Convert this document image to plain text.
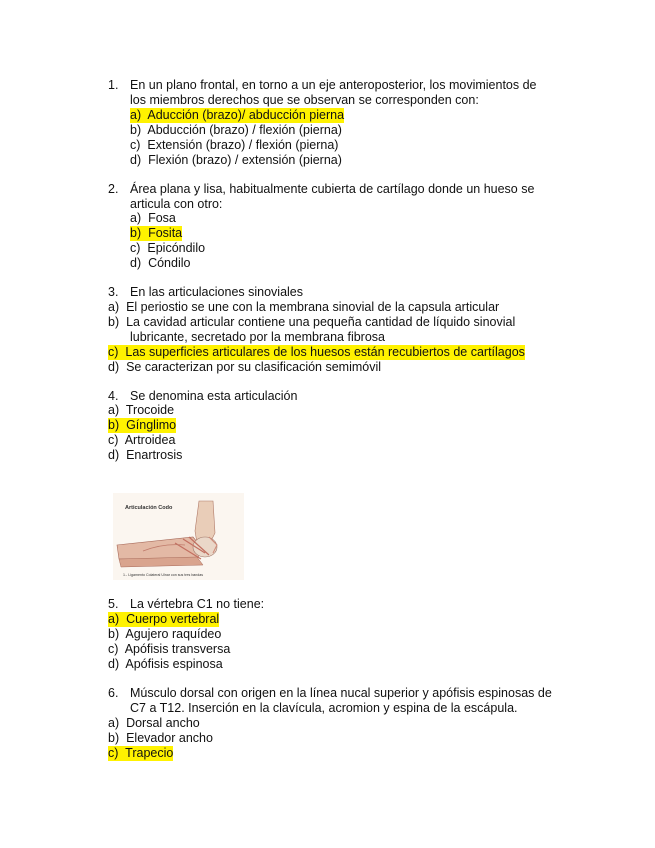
1. En un plano frontal, en torno a un eje anteroposterior, los movimientos de
los miembros derechos que se observan se corresponden con:
a) Aducción (brazo)/ abducción pierna
b) Abducción (brazo) / flexión (pierna)
c) Extensión (brazo) / flexión (pierna)
d) Flexión (brazo) / extensión (pierna)
2. Área plana y lisa, habitualmente cubierta de cartílago donde un hueso se
articula con otro:
a) Fosa
b) Fosita
c) Epicóndilo
d) Cóndilo
3. En las articulaciones sinoviales
a) El periostio se une con la membrana sinovial de la capsula articular
b) La cavidad articular contiene una pequeña cantidad de líquido sinovial
lubricante, secretado por la membrana fibrosa
c) Las superficies articulares de los huesos están recubiertos de cartílagos
d) Se caracterizan por su clasificación semimóvil
4. Se denomina esta articulación
a) Trocoide
b) Gínglimo
c) Artroidea
d) Enartrosis
Articulación Codo
1.- Ligamento Colateral Ulnar con sus tres bandas
5. La vértebra C1 no tiene:
a) Cuerpo vertebral
b) Agujero raquídeo
c) Apófisis transversa
d) Apófisis espinosa
6. Músculo dorsal con origen en la línea nucal superior y apófisis espinosas de
C7 a T12. Inserción en la clavícula, acromion y espina de la escápula.
a) Dorsal ancho
b) Elevador ancho
c) Trapecio
